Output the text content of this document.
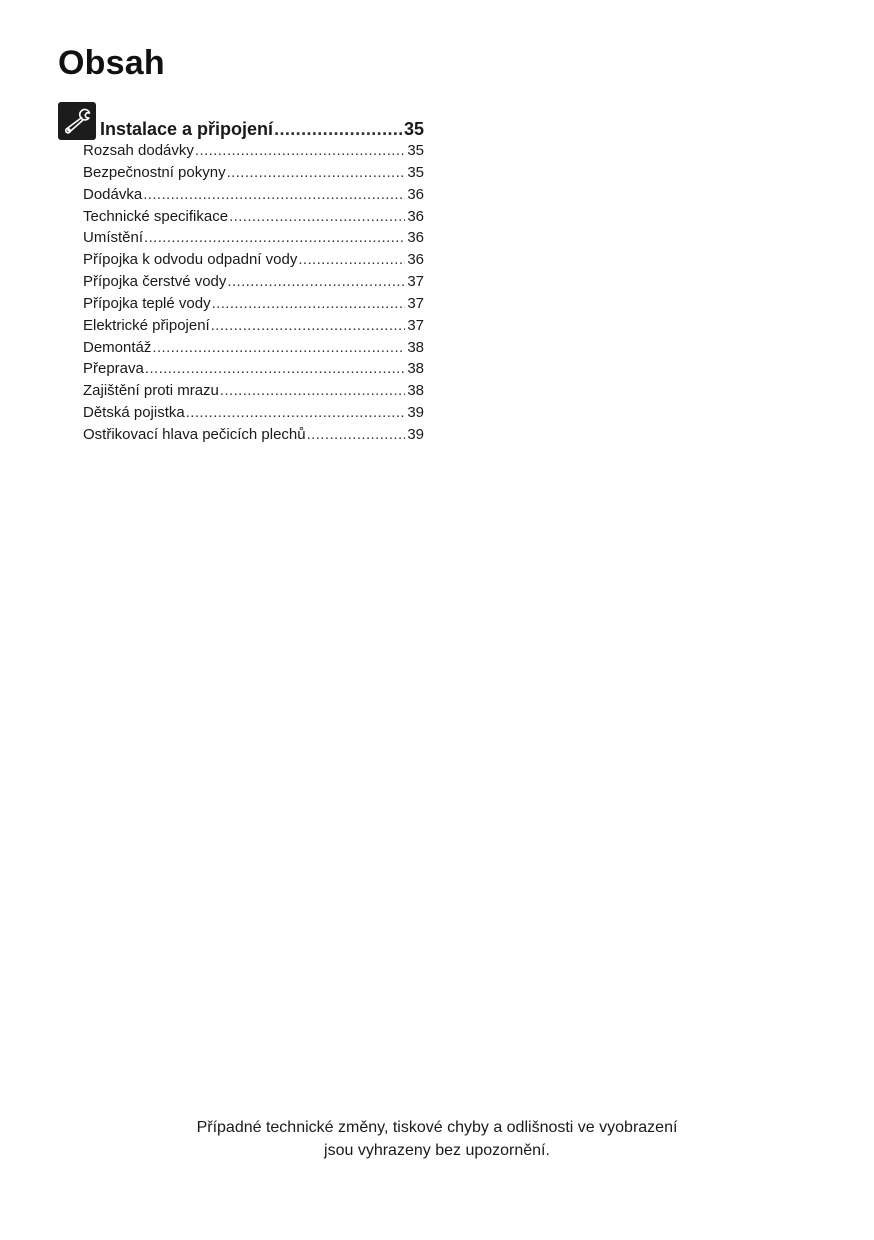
Obsah
Instalace a připojení .....	35
Rozsah dodávky .....	35
Bezpečnostní pokyny .....	35
Dodávka .....	36
Technické specifikace .....	36
Umístění .....	36
Přípojka k odvodu odpadní vody .....	36
Přípojka čerstvé vody .....	37
Přípojka teplé vody .....	37
Elektrické připojení .....	37
Demontáž .....	38
Přeprava .....	38
Zajištění proti mrazu .....	38
Dětská pojistka .....	39
Ostřikovací hlava pečicích plechů .....	39

Případné technické změny, tiskové chyby a odlišnosti ve vyobrazení

jsou vyhrazeny bez upozornění.
